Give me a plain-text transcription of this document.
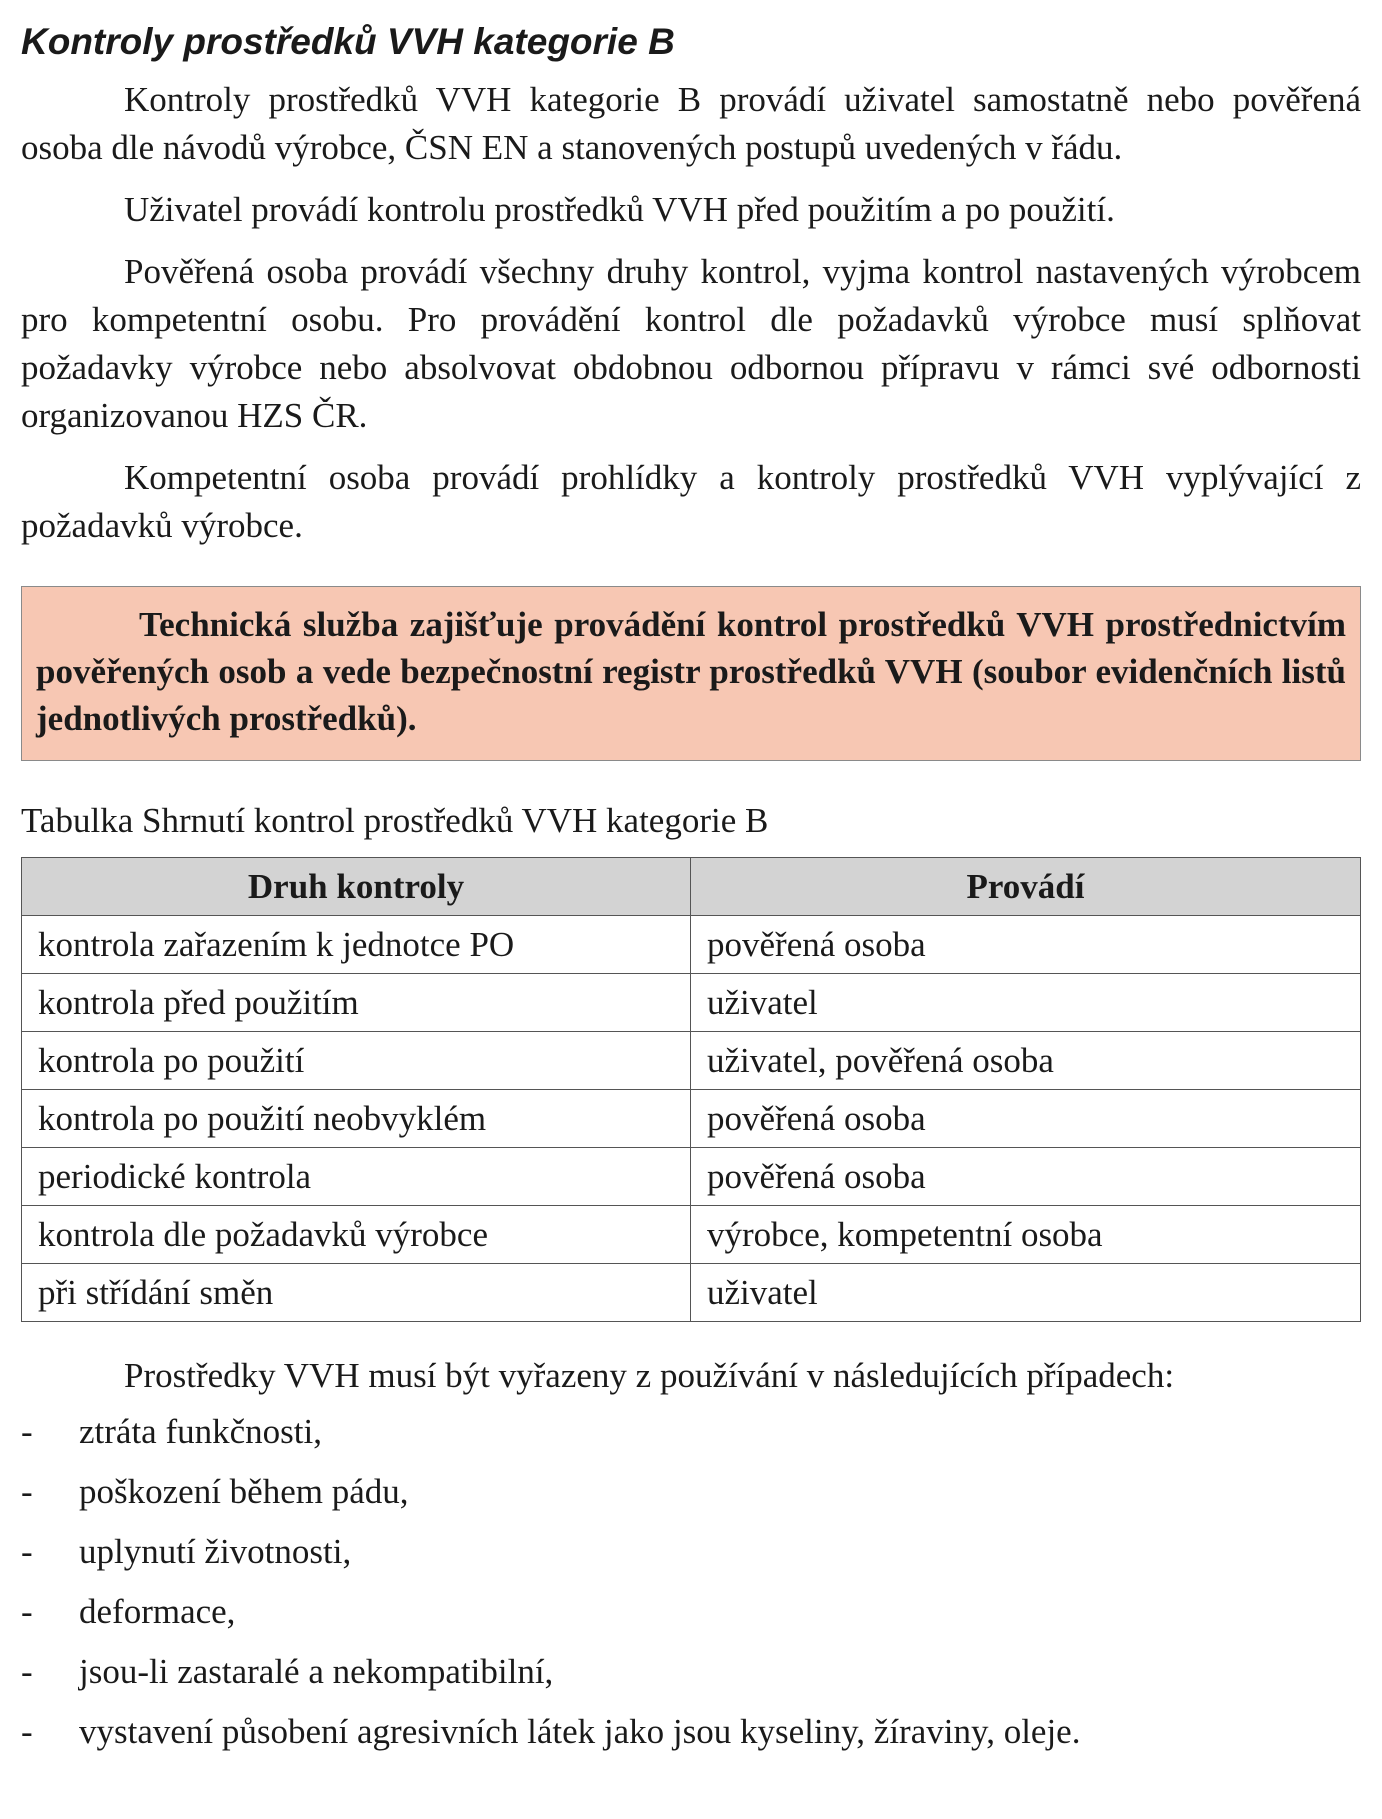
Kontroly prostředků VVH kategorie B

Kontroly prostředků VVH kategorie B provádí uživatel samostatně nebo pověřená osoba dle návodů výrobce, ČSN EN a stanovených postupů uvedených v řádu.

Uživatel provádí kontrolu prostředků VVH před použitím a po použití.

Pověřená osoba provádí všechny druhy kontrol, vyjma kontrol nastavených výrobcem pro kompetentní osobu. Pro provádění kontrol dle požadavků výrobce musí splňovat požadavky výrobce nebo absolvovat obdobnou odbornou přípravu v rámci své odbornosti organizovanou HZS ČR.

Kompetentní osoba provádí prohlídky a kontroly prostředků VVH vyplývající z požadavků výrobce.

Technická služba zajišťuje provádění kontrol prostředků VVH prostřednictvím pověřených osob a vede bezpečnostní registr prostředků VVH (soubor evidenčních listů jednotlivých prostředků).
Tabulka Shrnutí kontrol prostředků VVH kategorie B
Druh kontroly	Provádí
kontrola zařazením k jednotce PO	pověřená osoba
kontrola před použitím	uživatel
kontrola po použití	uživatel, pověřená osoba
kontrola po použití neobvyklém	pověřená osoba
periodické kontrola	pověřená osoba
kontrola dle požadavků výrobce	výrobce, kompetentní osoba
při střídání směn	uživatel

Prostředky VVH musí být vyřazeny z používání v následujících případech:

- ztráta funkčnosti,
- poškození během pádu,
- uplynutí životnosti,
- deformace,
- jsou-li zastaralé a nekompatibilní,
- vystavení působení agresivních látek jako jsou kyseliny, žíraviny, oleje.
